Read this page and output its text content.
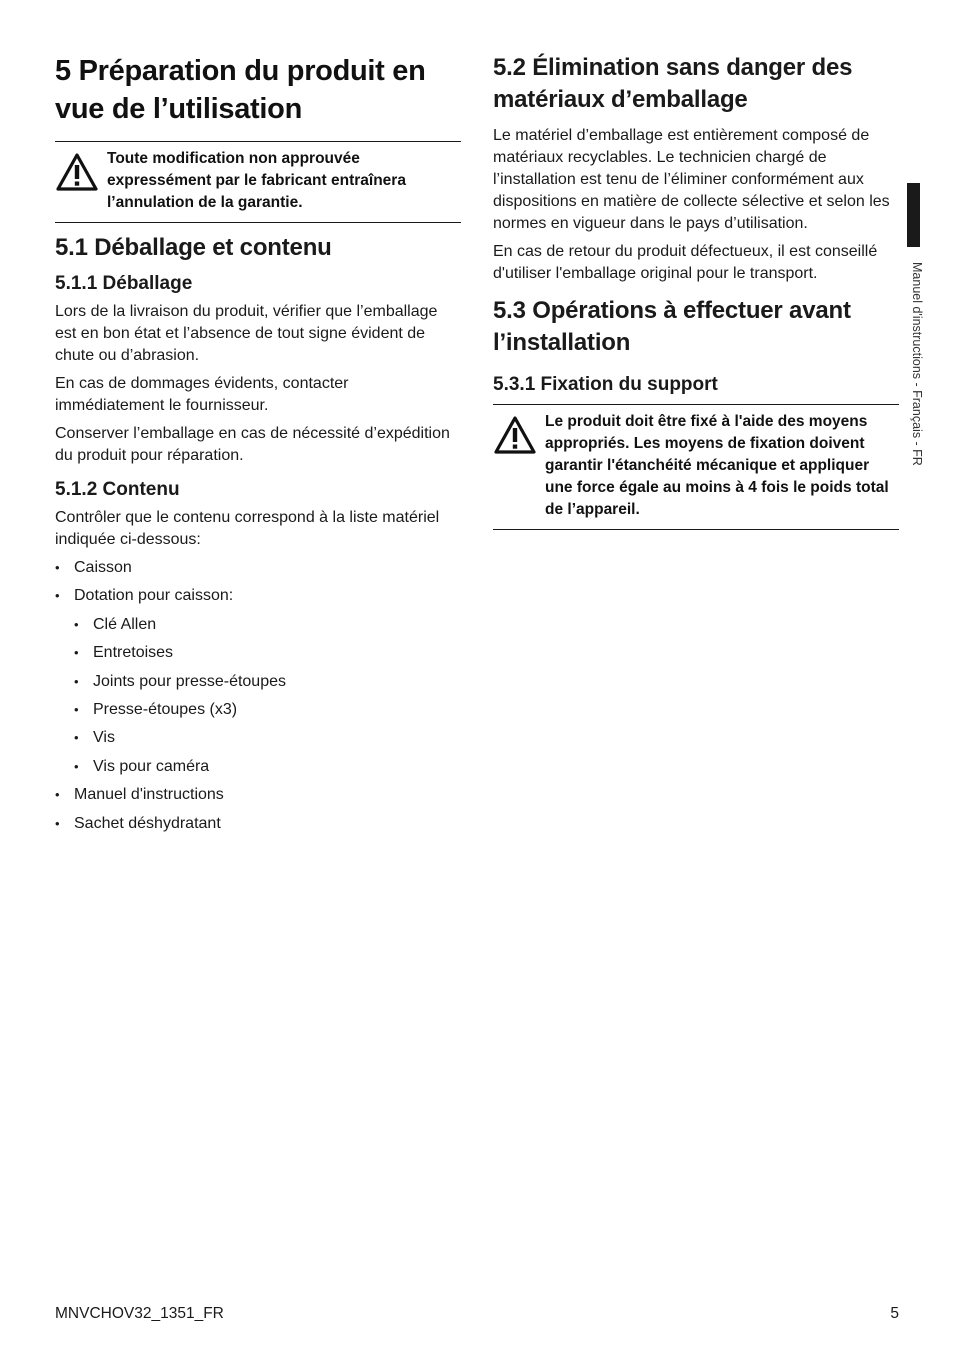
5 Préparation du produit en vue de l’utilisation
Toute modification non approuvée expressément par le fabricant entraînera l’annulation de la garantie.
5.1 Déballage et contenu
5.1.1 Déballage

Lors de la livraison du produit, vérifier que l’emballage est en bon état et l’absence de tout signe évident de chute ou d’abrasion.

En cas de dommages évidents, contacter immédiatement le fournisseur.

Conserver l’emballage en cas de nécessité d’expédition du produit pour réparation.

5.1.2 Contenu

Contrôler que le contenu correspond à la liste matériel indiquée ci-dessous:

• Caisson
• Dotation pour caisson:
• Clé Allen
• Entretoises
• Joints pour presse-étoupes
• Presse-étoupes (x3)
• Vis
• Vis pour caméra
• Manuel d'instructions
• Sachet déshydratant
5.2 Élimination sans danger des matériaux d’emballage

Le matériel d’emballage est entièrement composé de matériaux recyclables. Le technicien chargé de l’installation est tenu de l’éliminer conformément aux dispositions en matière de collecte sélective et selon les normes en vigueur dans le pays d’utilisation.

En cas de retour du produit défectueux, il est conseillé d'utiliser l'emballage original pour le transport.

5.3 Opérations à effectuer avant l’installation
5.3.1 Fixation du support
Le produit doit être fixé à l'aide des moyens appropriés. Les moyens de fixation doivent garantir l'étanchéité mécanique et appliquer une force égale au moins à 4 fois le poids total de l’appareil.
Manuel d'instructions - Français - FR
MNVCHOV32_1351_FR	5
